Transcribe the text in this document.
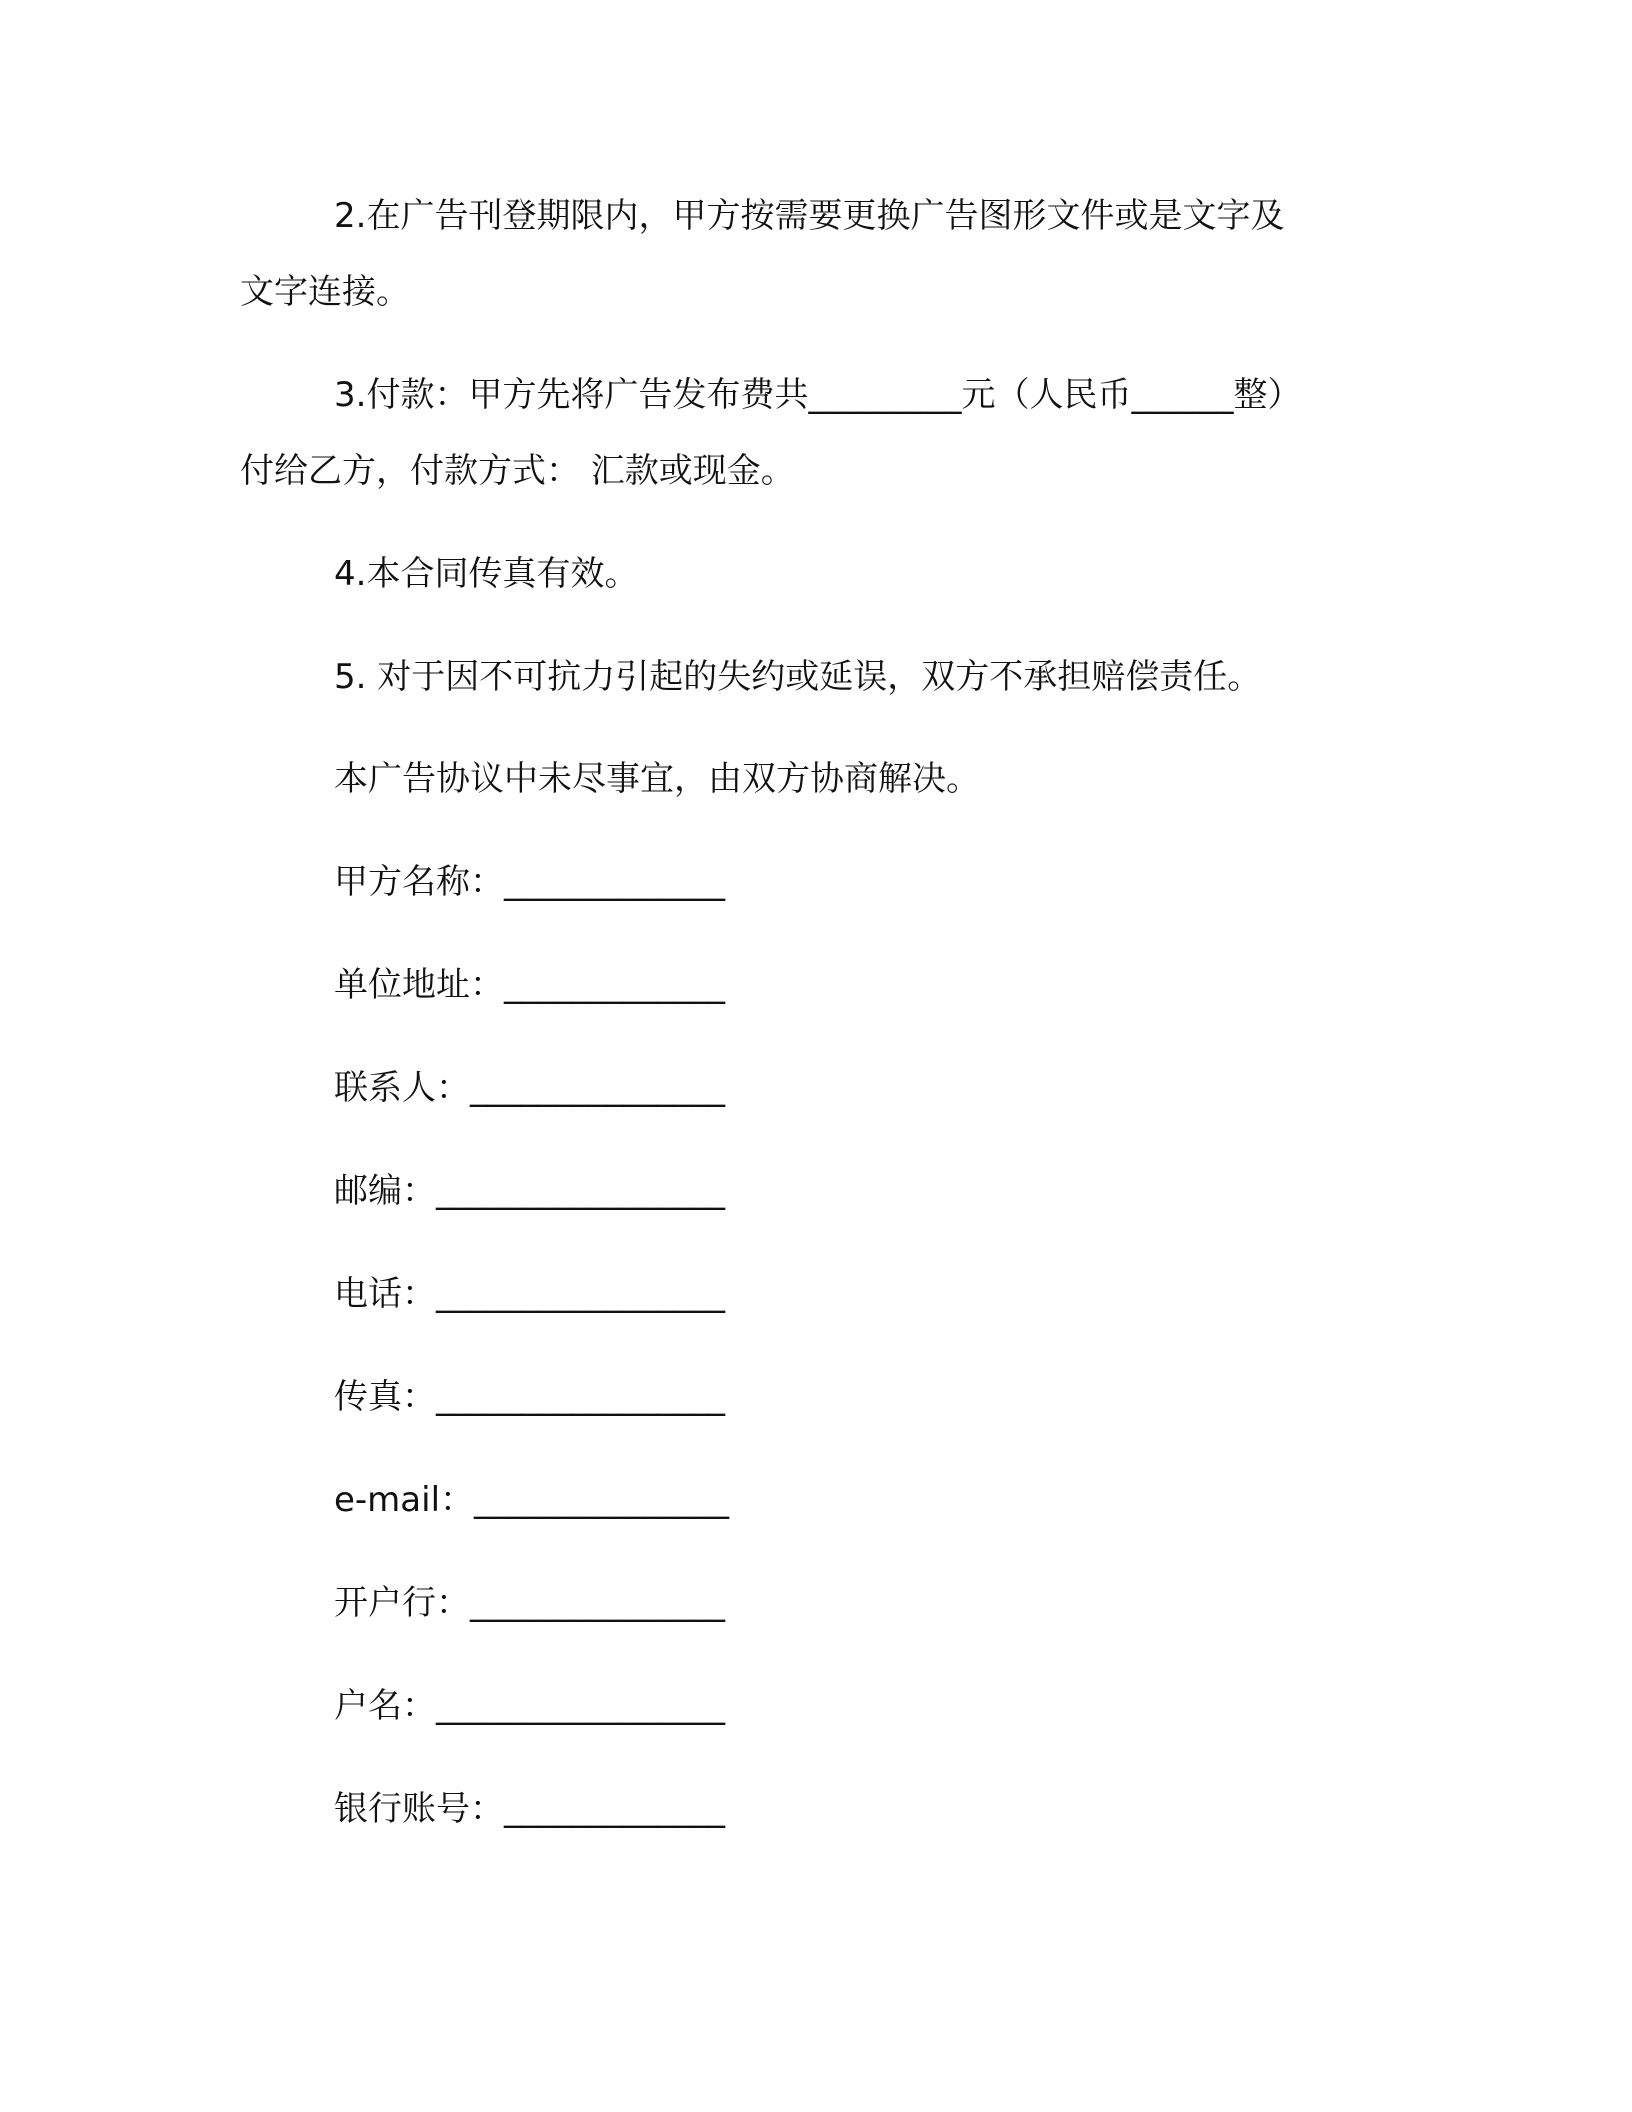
2.在广告刊登期限内，甲方按需要更换广告图形文件或是文字及

文字连接。

3.付款：甲方先将广告发布费共_________元（人民币______整）

付给乙方，付款方式： 汇款或现金。

4.本合同传真有效。

5. 对于因不可抗力引起的失约或延误，双方不承担赔偿责任。

本广告协议中未尽事宜，由双方协商解决。

甲方名称：_____________
单位地址：_____________
联系人：_______________
邮编：_________________
电话：_________________
传真：_________________
e-mail：_______________
开户行：_______________
户名：_________________
银行账号：_____________
